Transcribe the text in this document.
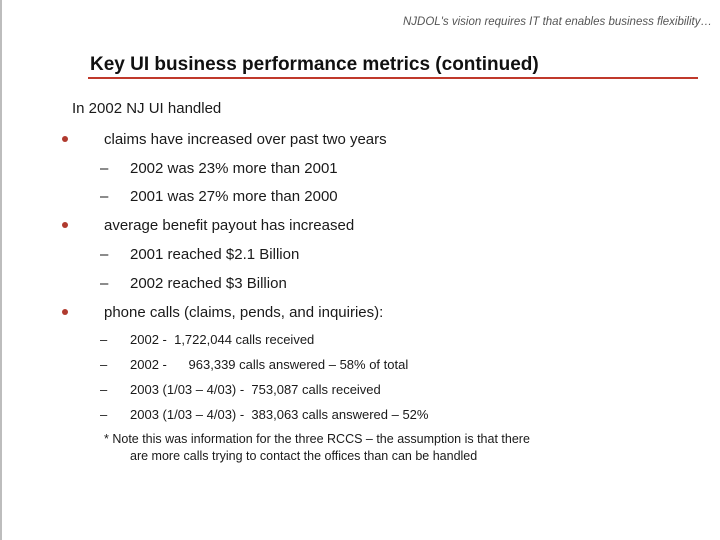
NJDOL's vision requires IT that enables business flexibility…
Key UI business performance metrics (continued)
In 2002 NJ UI handled
claims have increased over past two years
– 2002 was 23% more than 2001
– 2001 was 27% more than 2000
average benefit payout has increased
– 2001 reached $2.1 Billion
– 2002 reached $3 Billion
phone calls (claims, pends, and inquiries):
– 2002 -  1,722,044 calls received
– 2002 -      963,339 calls answered – 58% of total
– 2003 (1/03 – 4/03) -  753,087 calls received
– 2003 (1/03 – 4/03) -  383,063 calls answered – 52%
* Note this was information for the three RCCS – the assumption is that there
are more calls trying to contact the offices than can be handled
